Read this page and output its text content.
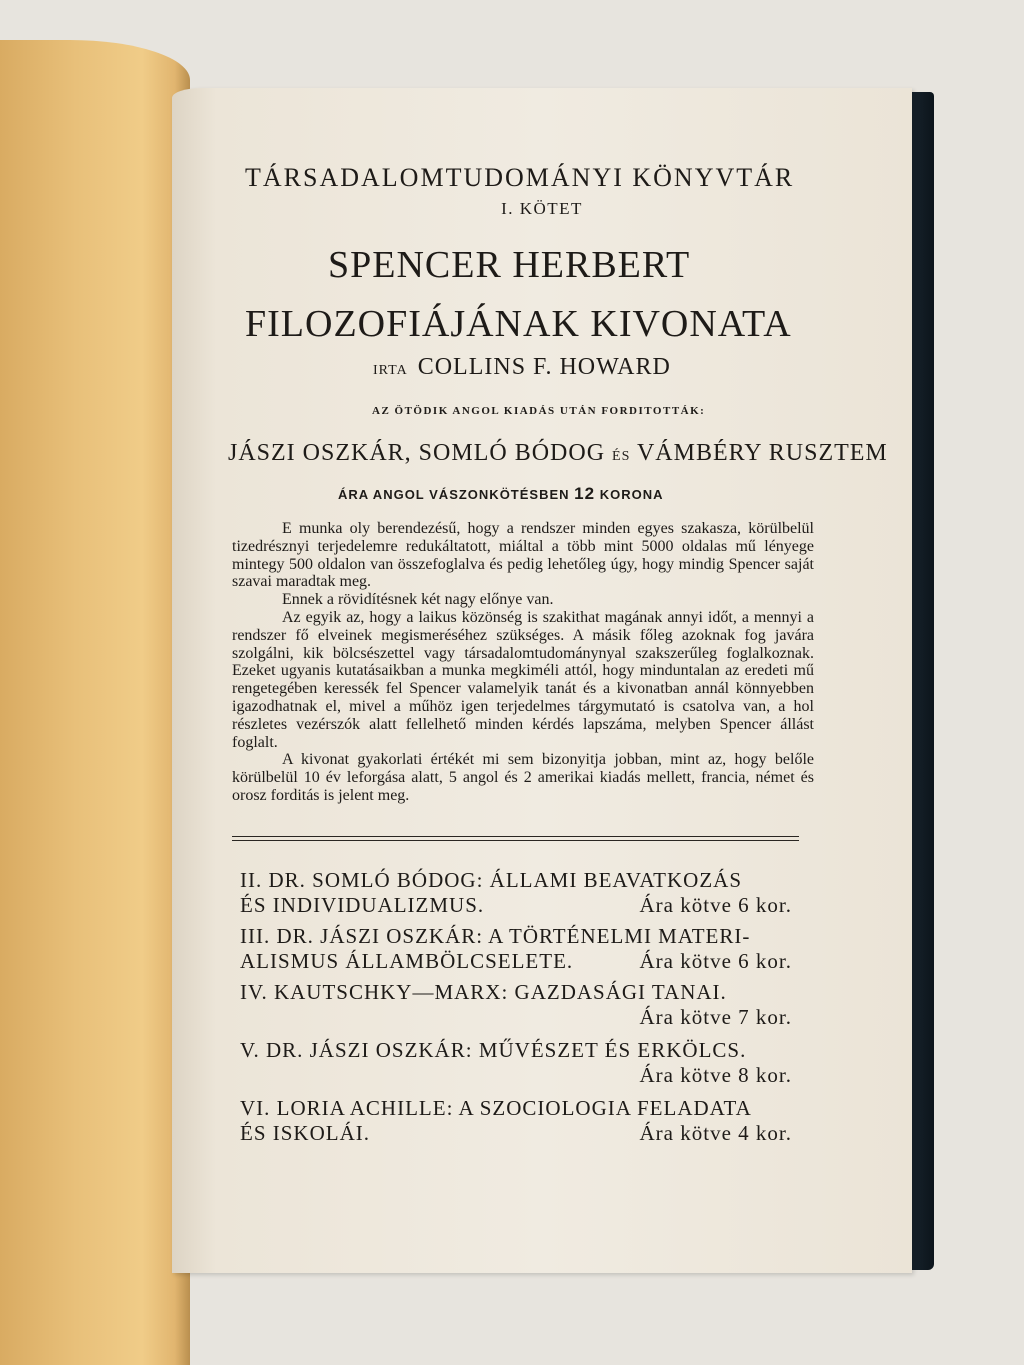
TÁRSADALOMTUDOMÁNYI KÖNYVTÁR
I. KÖTET
SPENCER HERBERT
FILOZOFIÁJÁNAK KIVONATA
IRTA COLLINS F. HOWARD
AZ ÖTÖDIK ANGOL KIADÁS UTÁN FORDITOTTÁK:
JÁSZI OSZKÁR, SOMLÓ BÓDOG ÉS VÁMBÉRY RUSZTEM
ÁRA ANGOL VÁSZONKÖTÉSBEN 12 KORONA

E munka oly berendezésű, hogy a rendszer minden egyes szakasza, körülbelül tizedrésznyi terjedelemre redukáltatott, miáltal a több mint 5000 oldalas mű lényege mintegy 500 oldalon van összefoglalva és pedig lehetőleg úgy, hogy mindig Spencer saját szavai maradtak meg.

Ennek a rövidítésnek két nagy előnye van.

Az egyik az, hogy a laikus közönség is szakithat magának annyi időt, a mennyi a rendszer fő elveinek megismeréséhez szükséges. A másik főleg azoknak fog javára szolgálni, kik bölcsészettel vagy társadalomtudománynyal szakszerűleg foglalkoznak. Ezeket ugyanis kutatásaikban a munka megkiméli attól, hogy minduntalan az eredeti mű rengetegében keressék fel Spencer valamelyik tanát és a kivonatban annál könnyebben igazodhatnak el, mivel a műhöz igen terjedelmes tárgymutató is csatolva van, a hol részletes vezérszók alatt fellelhető minden kérdés lapszáma, melyben Spencer állást foglalt.

A kivonat gyakorlati értékét mi sem bizonyitja jobban, mint az, hogy belőle körülbelül 10 év leforgása alatt, 5 angol és 2 amerikai kiadás mellett, francia, német és orosz forditás is jelent meg.

II. DR. SOMLÓ BÓDOG: ÁLLAMI BEAVATKOZÁS
ÉS INDIVIDUALIZMUS.	Ára kötve 6 kor.
III. DR. JÁSZI OSZKÁR: A TÖRTÉNELMI MATERI-
ALISMUS ÁLLAMBÖLCSELETE.	Ára kötve 6 kor.
IV. KAUTSCHKY—MARX: GAZDASÁGI TANAI.
Ára kötve 7 kor.
V. DR. JÁSZI OSZKÁR: MŰVÉSZET ÉS ERKÖLCS.
Ára kötve 8 kor.
VI. LORIA ACHILLE: A SZOCIOLOGIA FELADATA
ÉS ISKOLÁI.	Ára kötve 4 kor.
